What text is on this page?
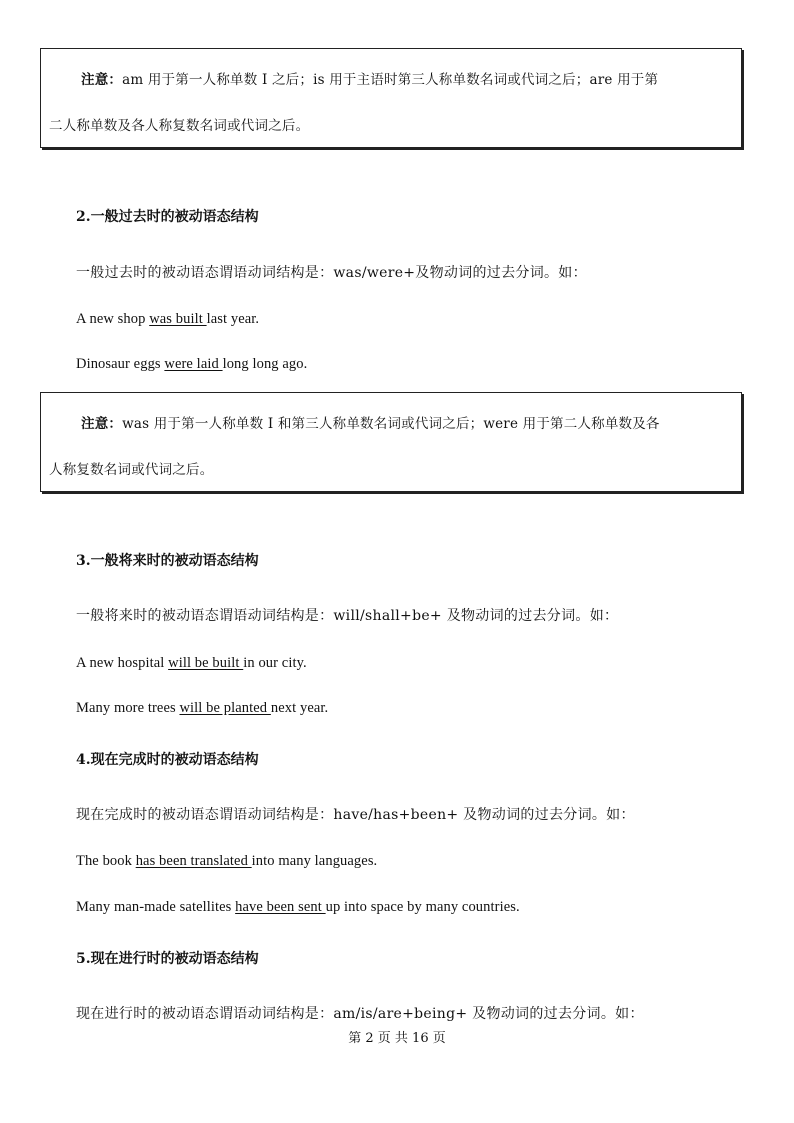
注意：am 用于第一人称单数 I 之后；is 用于主语时第三人称单数名词或代词之后；are 用于第
二人称单数及各人称复数名词或代词之后。
2.一般过去时的被动语态结构
一般过去时的被动语态谓语动词结构是：was/were+及物动词的过去分词。如：
A new shop was built last year.
Dinosaur eggs were laid long long ago.
注意：was 用于第一人称单数 I 和第三人称单数名词或代词之后；were 用于第二人称单数及各
人称复数名词或代词之后。
3.一般将来时的被动语态结构
一般将来时的被动语态谓语动词结构是：will/shall+be+ 及物动词的过去分词。如：
A new hospital will be built in our city.
Many more trees will be planted next year.
4.现在完成时的被动语态结构
现在完成时的被动语态谓语动词结构是：have/has+been+ 及物动词的过去分词。如：
The book has been translated into many languages.
Many man-made satellites have been sent up into space by many countries.
5.现在进行时的被动语态结构
现在进行时的被动语态谓语动词结构是：am/is/are+being+ 及物动词的过去分词。如：
第 2 页 共 16 页
